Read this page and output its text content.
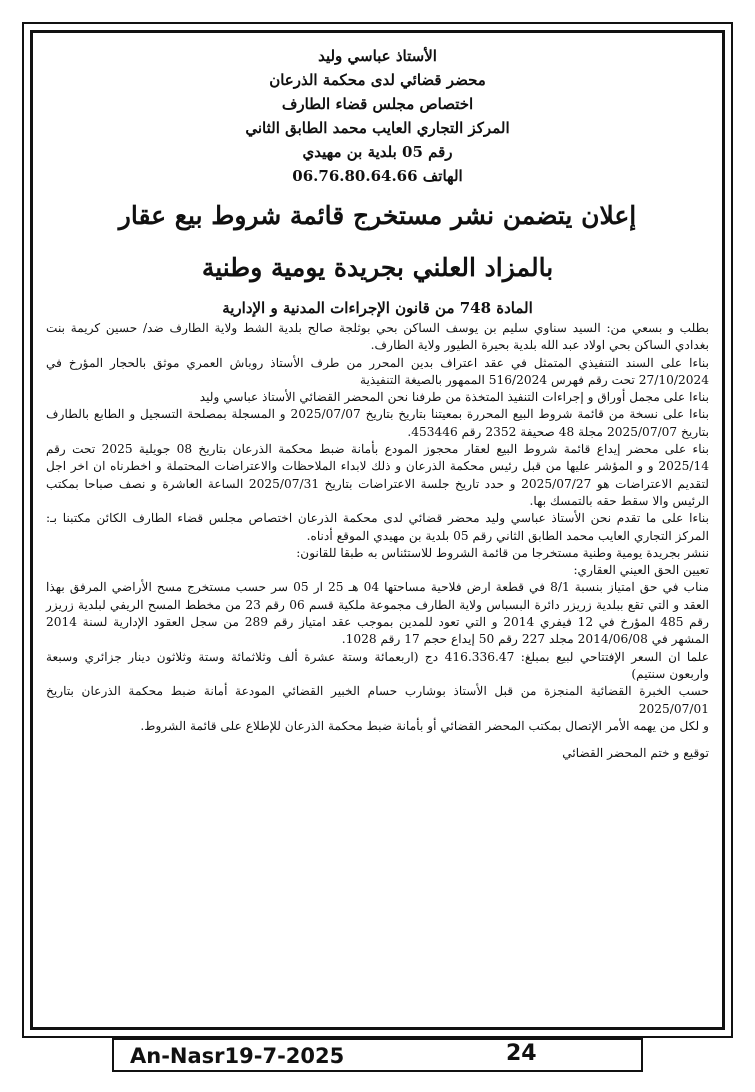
الأستاذ عباسي وليد

محضر قضائي لدى محكمة الذرعان

اختصاص مجلس قضاء الطارف

المركز التجاري العايب محمد الطابق الثاني

رقم 05 بلدية بن مهيدي

الهاتف 06.76.80.64.66

إعلان يتضمن نشر مستخرج قائمة شروط بيع عقار

بالمزاد العلني بجريدة يومية وطنية

المادة 748 من قانون الإجراءات المدنية و الإدارية

بطلب و بسعي من: السيد سناوي سليم بن يوسف الساكن بحي بوثلجة صالح بلدية الشط ولاية الطارف ضد/ حسين كريمة بنت بغدادي الساكن بحي اولاد عبد الله بلدية بحيرة الطيور ولاية الطارف.

بناءا على السند التنفيذي المتمثل في عقد اعتراف بدين المحرر من طرف الأستاذ روباش العمري موثق بالحجار المؤرخ في 27/10/2024 تحت رقم فهرس 516/2024 الممهور بالصيغة التنفيذية

بناءا على مجمل أوراق و إجراءات التنفيذ المتخذة من طرفنا نحن المحضر القضائي الأستاذ عباسي وليد

بناءا على نسخة من قائمة شروط البيع المحررة بمعيتنا بتاريخ بتاريخ 2025/07/07 و المسجلة بمصلحة التسجيل و الطابع بالطارف بتاريخ 2025/07/07 مجلة 48 صحيفة 2352 رقم 453446.

بناء على محضر إيداع قائمة شروط البيع لعقار محجوز المودع بأمانة ضبط محكمة الذرعان بتاريخ 08 جويلية 2025 تحت رقم 2025/14 و و المؤشر عليها من قبل رئيس محكمة الذرعان و ذلك لابداء الملاحظات والاعتراضات المحتملة و اخطرناه ان اخر اجل لتقديم الاعتراضات هو 2025/07/27 و حدد تاريخ جلسة الاعتراضات بتاريخ 2025/07/31 الساعة العاشرة و نصف صباحا بمكتب الرئيس والا سقط حقه بالتمسك بها.

بناءا على ما تقدم نحن الأستاذ عباسي وليد محضر قضائي لدى محكمة الذرعان اختصاص مجلس قضاء الطارف الكائن مكتبنا بـ: المركز التجاري العايب محمد الطابق الثاني رقم 05 بلدية بن مهيدي الموقع أدناه.

ننشر بجريدة يومية وطنية مستخرجا من قائمة الشروط للاستئناس به طبقا للقانون:

تعيين الحق العيني العقاري:

مناب في حق امتياز بنسبة 8/1 في قطعة ارض فلاحية مساحتها 04 هـ 25 ار 05 سر حسب مستخرج مسح الأراضي المرفق بهذا العقد و التي تقع ببلدية زريزر دائرة البسباس ولاية الطارف مجموعة ملكية قسم 06 رقم 23 من مخطط المسح الريفي لبلدية زريزر رقم 485 المؤرخ في 12 فيفري 2014 و التي تعود للمدين بموجب عقد امتياز رقم 289 من سجل العقود الإدارية لسنة 2014 المشهر في 2014/06/08 مجلد 227 رقم 50 إيداع حجم 17 رقم 1028.

علما ان السعر الإفتتاحي لبيع بمبلغ: 416.336.47 دج (اربعمائة وستة عشرة ألف وثلاثمائة وستة وثلاثون دينار جزائري وسبعة واربعون سنتيم)

حسب الخبرة القضائية المنجزة من قبل الأستاذ بوشارب حسام الخبير القضائي المودعة أمانة ضبط محكمة الذرعان بتاريخ 2025/07/01

و لكل من يهمه الأمر الإتصال بمكتب المحضر القضائي أو بأمانة ضبط محكمة الذرعان للإطلاع على قائمة الشروط.

توقيع و ختم المحضر القضائي

An-Nasr19-7-2025	24
